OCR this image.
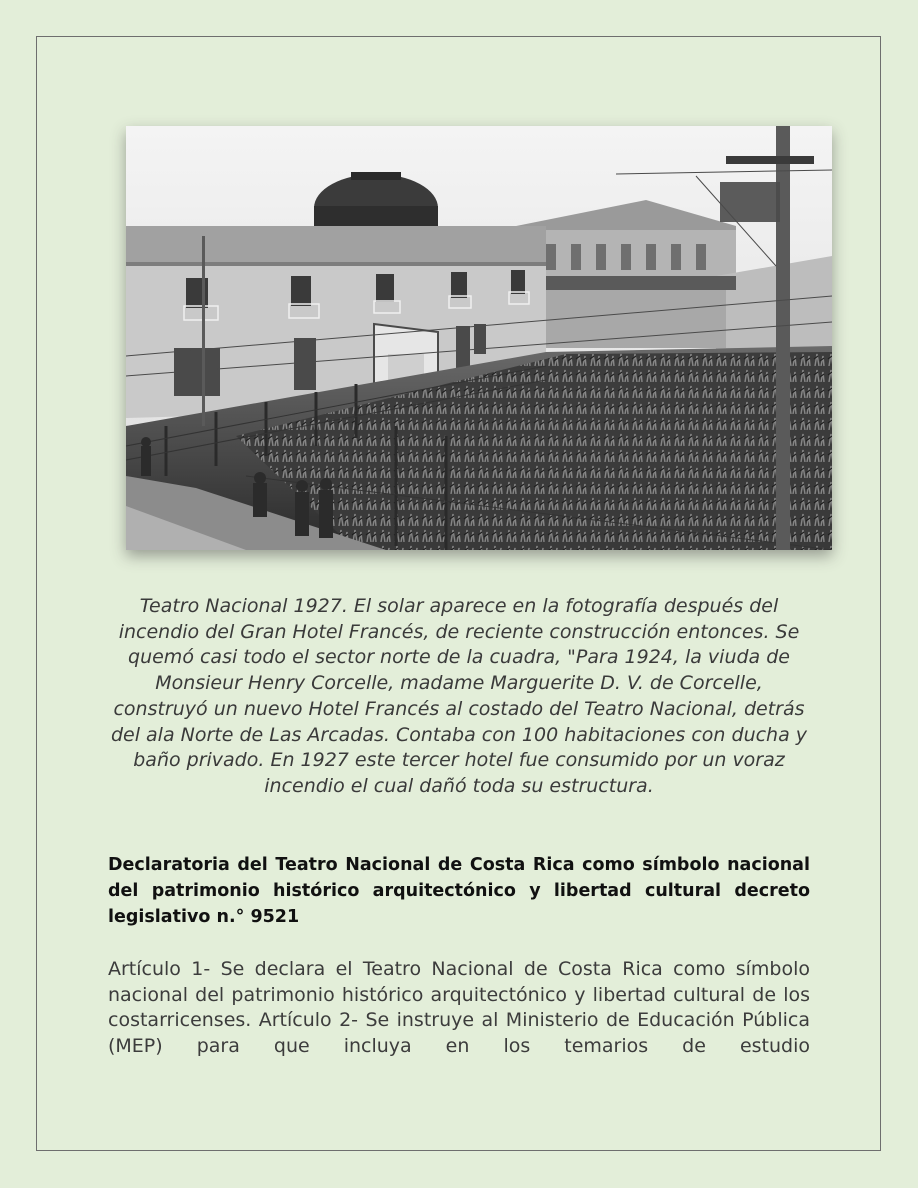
Teatro Nacional 1927. El solar aparece en la fotografía después del incendio del Gran Hotel Francés, de reciente construcción entonces. Se quemó casi todo el sector norte de la cuadra, "Para 1924, la viuda de Monsieur Henry Corcelle, madame Marguerite D. V. de Corcelle, construyó un nuevo Hotel Francés al costado del Teatro Nacional, detrás del ala Norte de Las Arcadas. Contaba con 100 habitaciones con ducha y baño privado. En 1927 este tercer hotel fue consumido por un voraz incendio el cual dañó toda su estructura.

Declaratoria del Teatro Nacional de Costa Rica como símbolo nacional del patrimonio histórico arquitectónico y libertad cultural decreto legislativo n.° 9521

Artículo 1- Se declara el Teatro Nacional de Costa Rica como símbolo nacional del patrimonio histórico arquitectónico y libertad cultural de los costarricenses. Artículo 2- Se instruye al Ministerio de Educación Pública (MEP) para que incluya en los temarios de estudio
